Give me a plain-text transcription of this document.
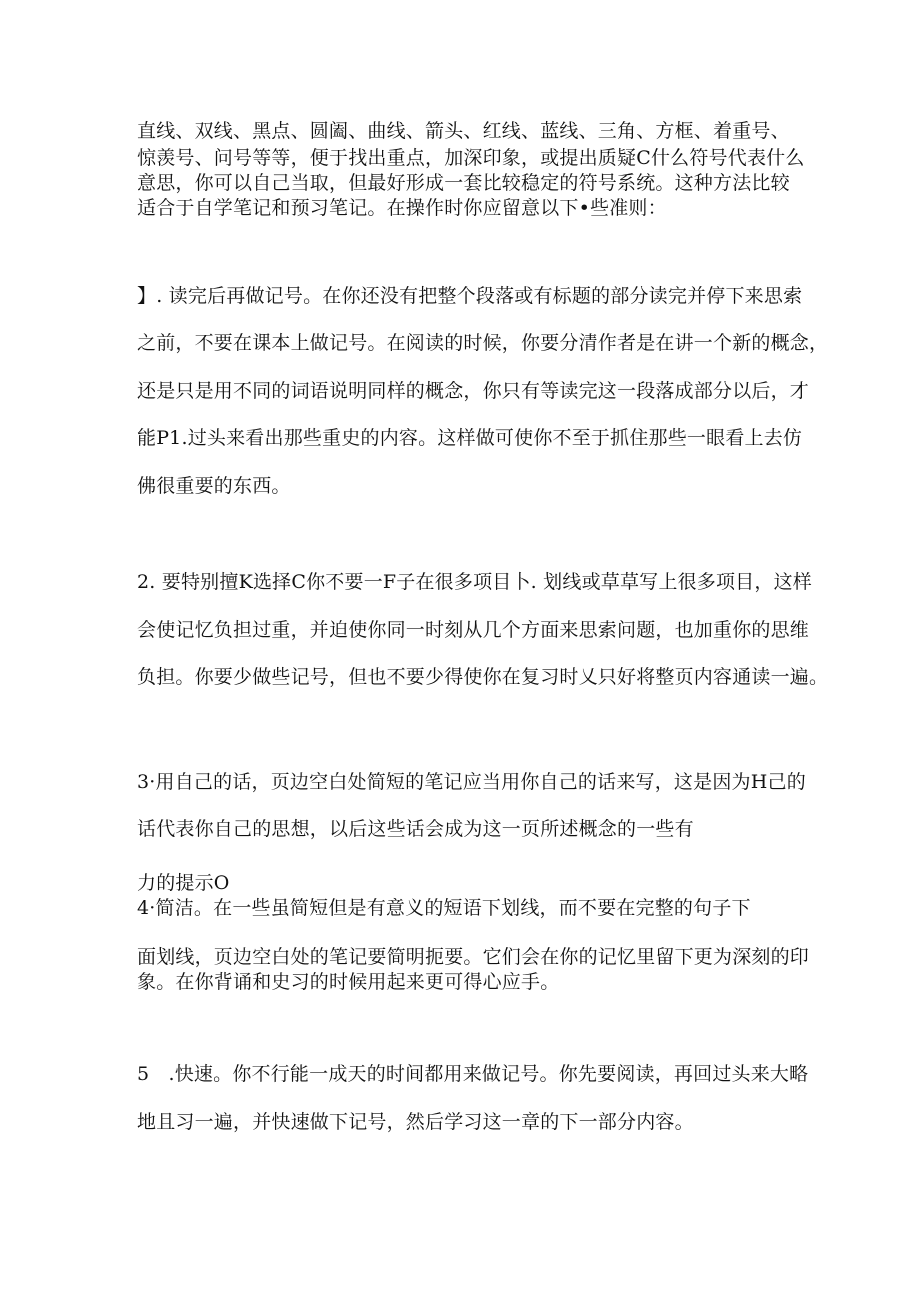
直线、双线、黑点、圆阖、曲线、箭头、红线、蓝线、三角、方框、着重号、
惊羡号、问号等等，便于找出重点，加深印象，或提出质疑C什么符号代表什么
意思，你可以自己当取，但最好形成一套比较稳定的符号系统。这种方法比较
适合于自学笔记和预习笔记。在操作时你应留意以下•些准则：
】. 读完后再做记号。在你还没有把整个段落或有标题的部分读完并停下来思索
之前，不要在课本上做记号。在阅读的时候，你要分清作者是在讲一个新的概念，
还是只是用不同的词语说明同样的概念，你只有等读完这一段落成部分以后，才
能P1.过头来看出那些重史的内容。这样做可使你不至于抓住那些一眼看上去仿
佛很重要的东西。
2. 要特别擅K选择C你不要一F子在很多项目卜. 划线或草草写上很多项目，这样
会使记忆负担过重，并迫使你同一时刻从几个方面来思索问题，也加重你的思维
负担。你要少做些记号，但也不要少得使你在复习时乂只好将整页内容通读一遍。
3·用自己的话，页边空白处简短的笔记应当用你自己的话来写，这是因为H己的
话代表你自己的思想，以后这些话会成为这一页所述概念的一些有
力的提示O
4·简洁。在一些虽简短但是有意义的短语下划线，而不要在完整的句子下
面划线，页边空白处的笔记要简明扼要。它们会在你的记忆里留下更为深刻的印
象。在你背诵和史习的时候用起来更可得心应手。
5　.快速。你不行能一成天的时间都用来做记号。你先要阅读，再回过头来大略
地且习一遍，并快速做下记号，然后学习这一章的下一部分内容。
